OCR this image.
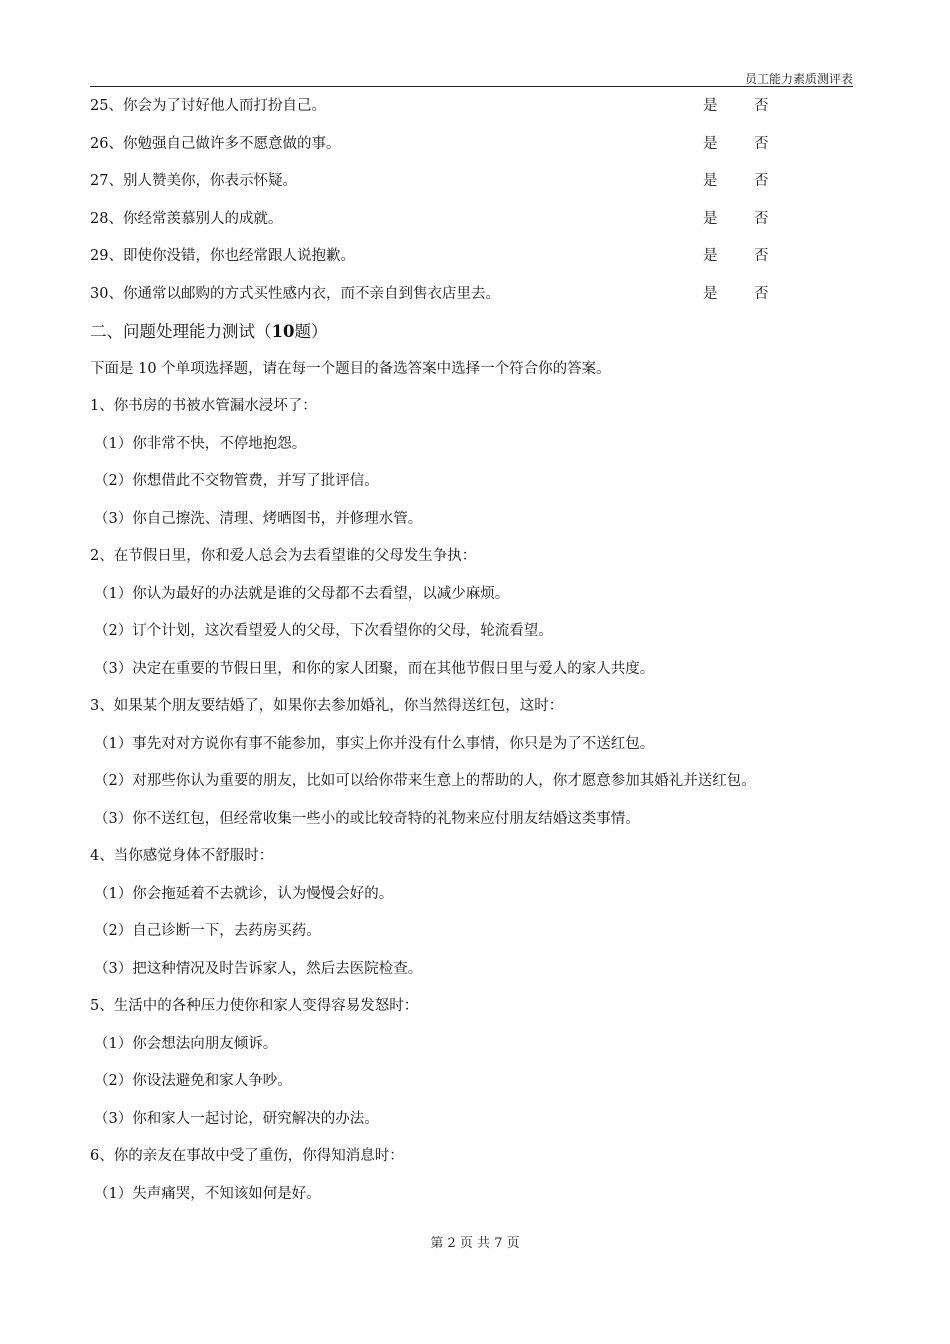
员工能力素质测评表
25、你会为了讨好他人而打扮自己。	是	否
26、你勉强自己做许多不愿意做的事。	是	否
27、别人赞美你，你表示怀疑。	是	否
28、你经常羡慕别人的成就。	是	否
29、即使你没错，你也经常跟人说抱歉。	是	否
30、你通常以邮购的方式买性感内衣，而不亲自到售衣店里去。	是	否
二、问题处理能力测试（10题）
下面是 10 个单项选择题，请在每一个题目的备选答案中选择一个符合你的答案。
1、你书房的书被水管漏水浸坏了：
（1）你非常不快，不停地抱怨。
（2）你想借此不交物管费，并写了批评信。
（3）你自己擦洗、清理、烤晒图书，并修理水管。
2、在节假日里，你和爱人总会为去看望谁的父母发生争执：
（1）你认为最好的办法就是谁的父母都不去看望，以减少麻烦。
（2）订个计划，这次看望爱人的父母，下次看望你的父母，轮流看望。
（3）决定在重要的节假日里，和你的家人团聚，而在其他节假日里与爱人的家人共度。
3、如果某个朋友要结婚了，如果你去参加婚礼，你当然得送红包，这时：
（1）事先对对方说你有事不能参加，事实上你并没有什么事情，你只是为了不送红包。
（2）对那些你认为重要的朋友，比如可以给你带来生意上的帮助的人，你才愿意参加其婚礼并送红包。
（3）你不送红包，但经常收集一些小的或比较奇特的礼物来应付朋友结婚这类事情。
4、当你感觉身体不舒服时：
（1）你会拖延着不去就诊，认为慢慢会好的。
（2）自己诊断一下，去药房买药。
（3）把这种情况及时告诉家人，然后去医院检查。
5、生活中的各种压力使你和家人变得容易发怒时：
（1）你会想法向朋友倾诉。
（2）你设法避免和家人争吵。
（3）你和家人一起讨论，研究解决的办法。
6、你的亲友在事故中受了重伤，你得知消息时：
（1）失声痛哭，不知该如何是好。
第 2 页 共 7 页
